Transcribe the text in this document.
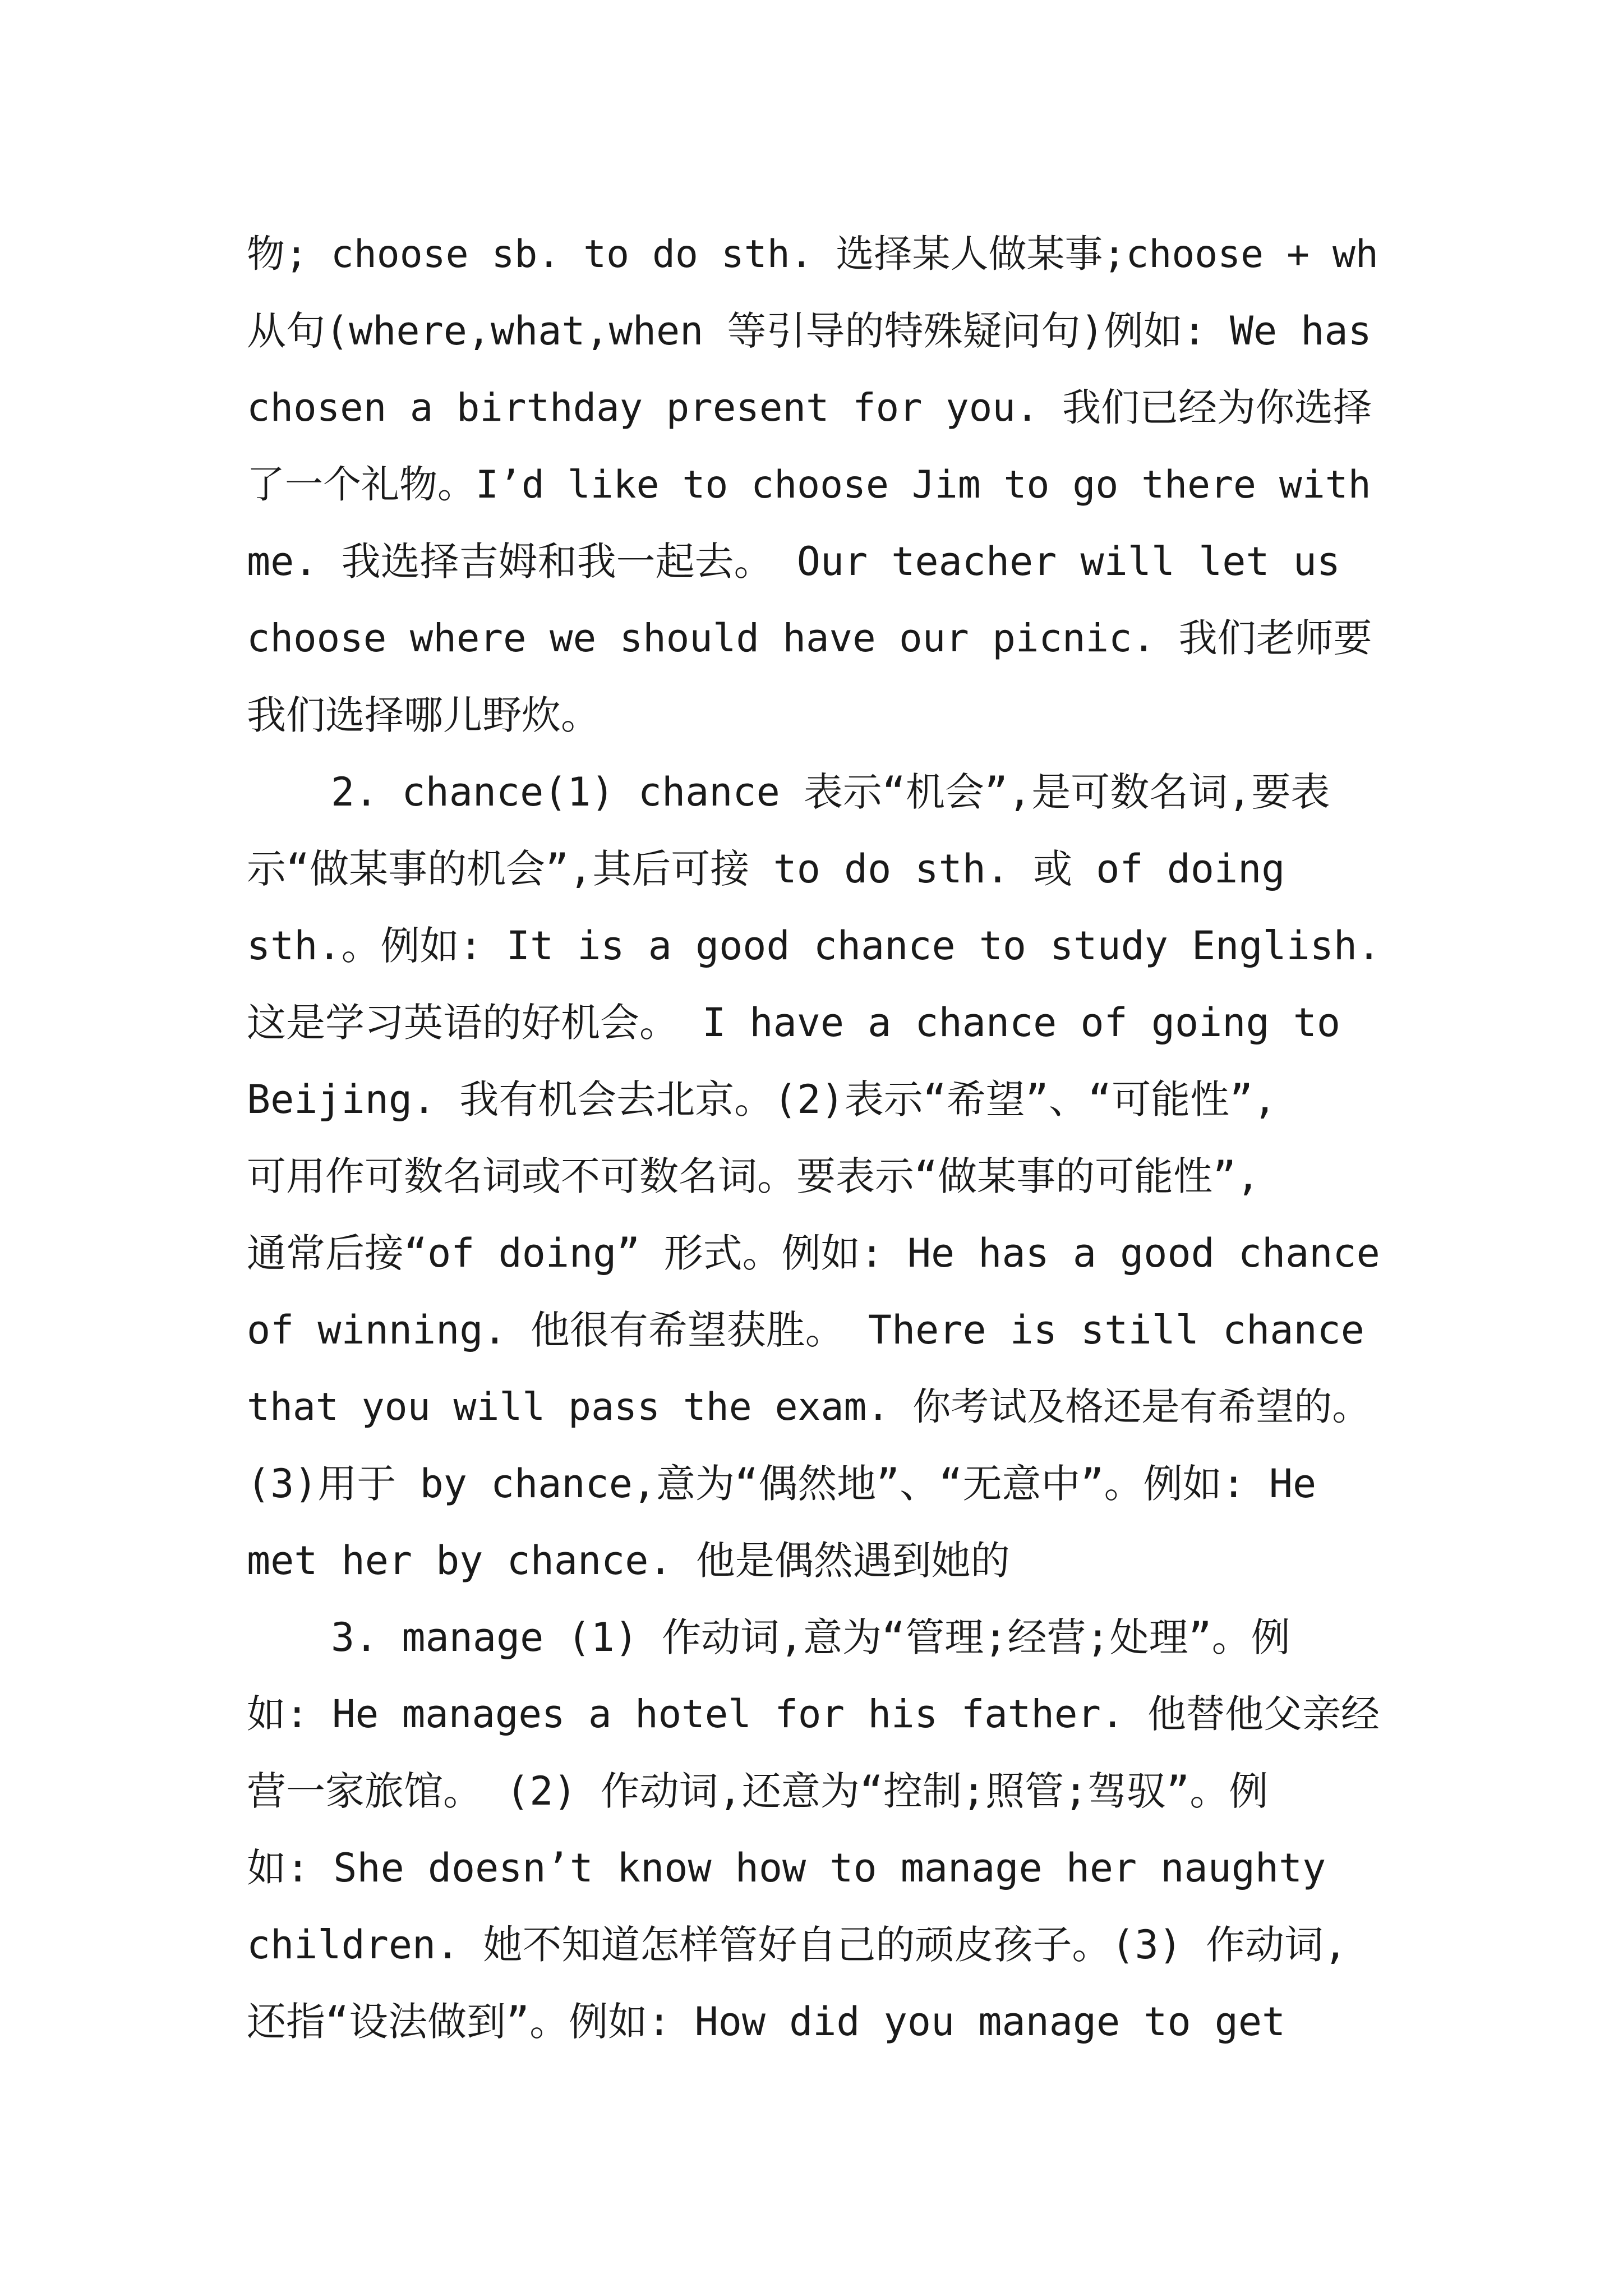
物; choose sb. to do sth. 选择某人做某事;choose + wh
从句(where,what,when 等引导的特殊疑问句)例如: We has
chosen a birthday present for you. 我们已经为你选择
了一个礼物。I’d like to choose Jim to go there with
me. 我选择吉姆和我一起去。 Our teacher will let us
choose where we should have our picnic. 我们老师要
我们选择哪儿野炊。
2. chance(1) chance 表示“机会”,是可数名词,要表
示“做某事的机会”,其后可接 to do sth. 或 of doing
sth.。例如: It is a good chance to study English.
这是学习英语的好机会。 I have a chance of going to
Beijing. 我有机会去北京。(2)表示“希望”、“可能性”,
可用作可数名词或不可数名词。要表示“做某事的可能性”,
通常后接“of doing” 形式。例如: He has a good chance
of winning. 他很有希望获胜。 There is still chance
that you will pass the exam. 你考试及格还是有希望的。
(3)用于 by chance,意为“偶然地”、“无意中”。例如: He
met her by chance. 他是偶然遇到她的
3. manage (1) 作动词,意为“管理;经营;处理”。例
如: He manages a hotel for his father. 他替他父亲经
营一家旅馆。 (2) 作动词,还意为“控制;照管;驾驭”。例
如: She doesn’t know how to manage her naughty
children. 她不知道怎样管好自己的顽皮孩子。(3) 作动词,
还指“设法做到”。例如: How did you manage to get
